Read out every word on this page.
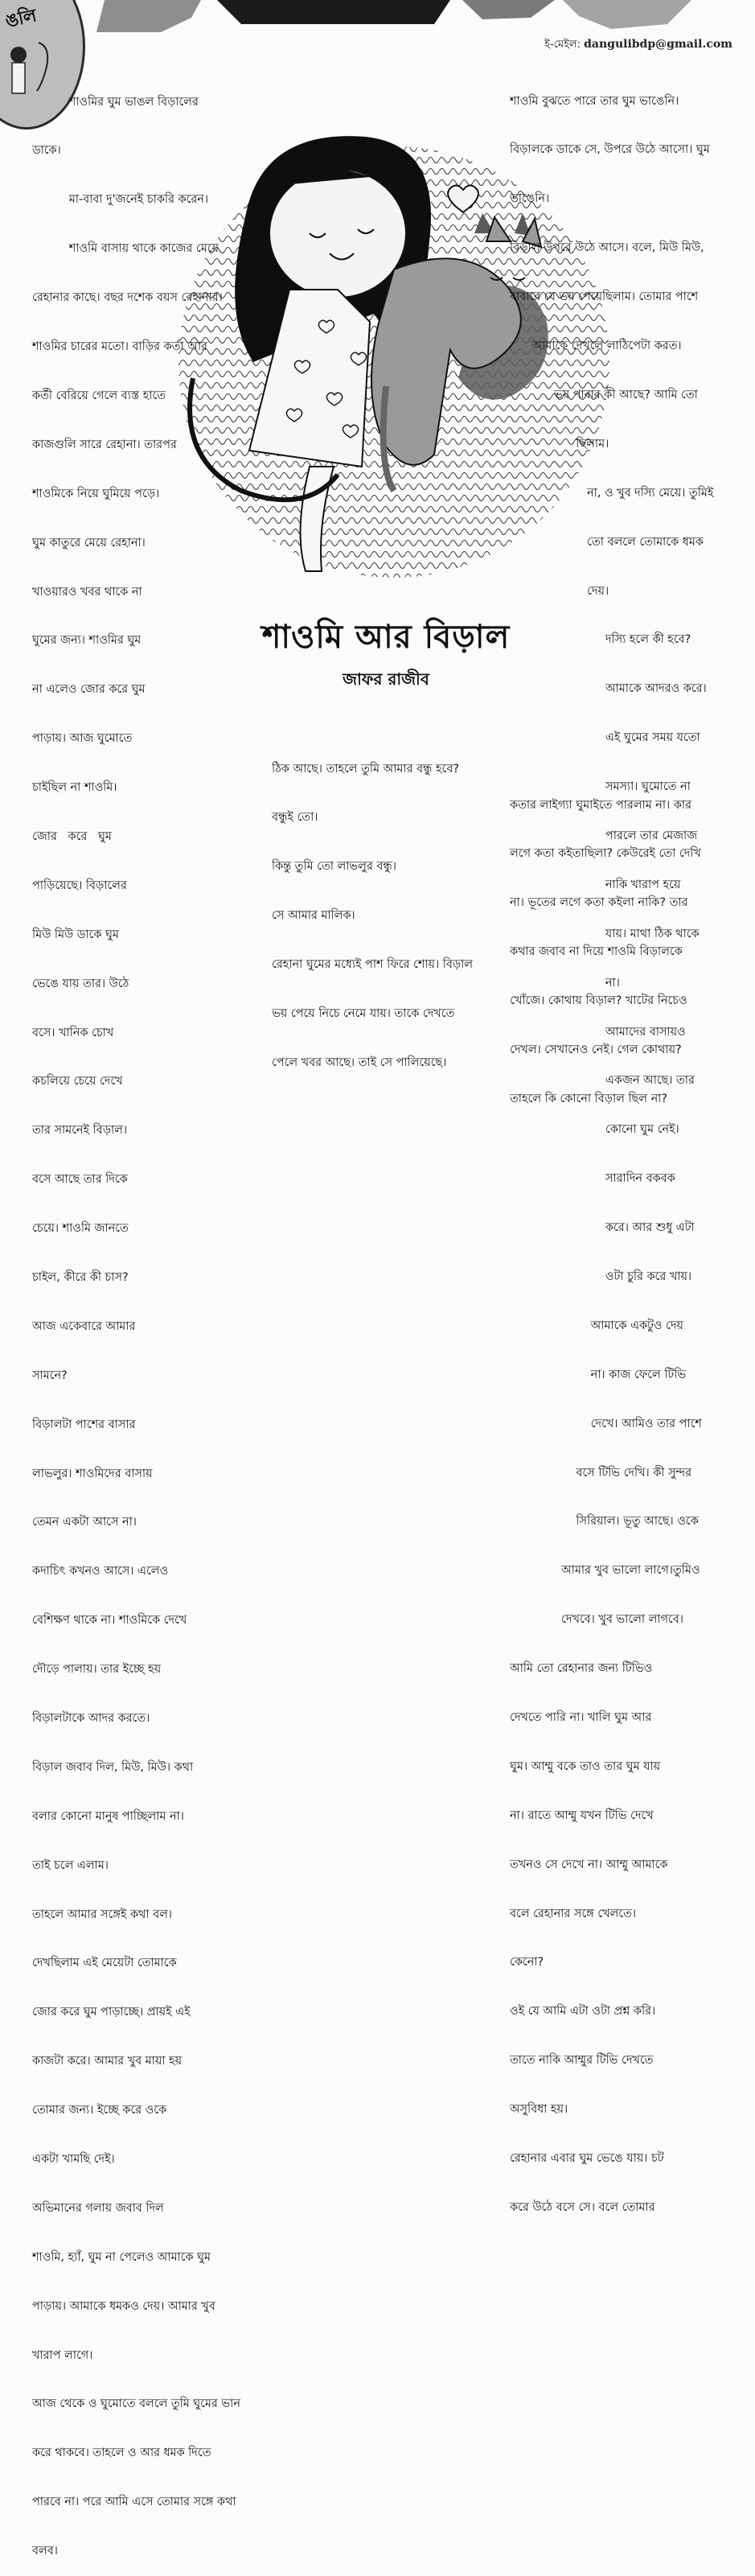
ঙলি
ই-মেইল: dangulibdp@gmail.com

শাওমির ঘুম ভাঙল বিড়ালের

ডাকে।

মা-বাবা দু'জনেই চাকরি করেন।

শাওমি বাসায় থাকে কাজের মেয়ে

রেহানার কাছে। বছর দশেক বয়স রেহানার।

শাওমির চারের মতো। বাড়ির কর্তা আর

কর্তী বেরিয়ে গেলে ব্যস্ত হাতে

কাজগুলি সারে রেহানা। তারপর

শাওমিকে নিয়ে ঘুমিয়ে পড়ে।

ঘুম কাতুরে মেয়ে রেহানা।

খাওয়ারও খবর থাকে না

ঘুমের জন্য। শাওমির ঘুম

না এলেও জোর করে ঘুম

পাড়ায়। আজ ঘুমোতে

চাইছিল না শাওমি।

জোর   করে   ঘুম

পাড়িয়েছে। বিড়ালের

মিউ মিউ ডাকে ঘুম

ভেঙে যায় তার। উঠে

বসে। খানিক চোখ

কচলিয়ে চেয়ে দেখে

তার সামনেই বিড়াল।

বসে আছে তার দিকে

চেয়ে। শাওমি জানতে

চাইল, কীরে কী চাস?

আজ একেবারে আমার

সামনে?

বিড়ালটা পাশের বাসার

লাভলুর। শাওমিদের বাসায়

তেমন একটা আসে না।

কদাচিৎ কখনও আসে। এলেও

বেশিক্ষণ থাকে না। শাওমিকে দেখে

দৌড়ে পালায়। তার ইচ্ছে হয়

বিড়ালটাকে আদর করতে।

বিড়াল জবাব দিল, মিউ, মিউ। কথা

বলার কোনো মানুষ পাচ্ছিলাম না।

তাই চলে এলাম।

তাহলে আমার সঙ্গেই কথা বল।

দেখছিলাম এই মেয়েটা তোমাকে

জোর করে ঘুম পাড়াচ্ছে। প্রায়ই এই

কাজটা করে। আমার খুব মায়া হয়

তোমার জন্য। ইচ্ছে করে ওকে

একটা খামছি দেই।

অভিমানের গলায় জবাব দিল

শাওমি, হ্যাঁ, ঘুম না পেলেও আমাকে ঘুম

পাড়ায়। আমাকে ধমকও দেয়। আমার খুব

খারাপ লাগে।

আজ থেকে ও ঘুমোতে বললে তুমি ঘুমের ভান

করে থাকবে। তাহলে ও আর ধমক দিতে

পারবে না। পরে আমি এসে তোমার সঙ্গে কথা

বলব।

শাওমি বুঝতে পারে তার ঘুম ভাঙেনি।

বিড়ালকে ডাকে সে, উপরে উঠে আসো। ঘুম

ভাঙেনি।

বিড়াল উপরে উঠে আসে। বলে, মিউ মিউ,

বাবারে যে ভয় পেয়েছিলাম। তোমার পাশে

আমাকে দেখলে লাঠিপেটা করত।

ভয় পাবার কী আছে? আমি তো

ছিলাম।

না, ও খুব দস্যি মেয়ে। তুমিই

তো বললে তোমাকে ধমক

দেয়।

দস্যি হলে কী হবে?

আমাকে আদরও করে।

এই ঘুমের সময় যতো

সমস্যা। ঘুমোতে না

পারলে তার মেজাজ

নাকি খারাপ হয়ে

যায়। মাথা ঠিক থাকে

না।

আমাদের বাসায়ও

একজন আছে। তার

কোনো ঘুম নেই।

সারাদিন বকবক

করে। আর শুধু এটা

ওটা চুরি করে খায়।

আমাকে একটুও দেয়

না। কাজ ফেলে টিভি

দেখে। আমিও তার পাশে

বসে টিভি দেখি। কী সুন্দর

সিরিয়াল। ভূতু আছে। ওকে

আমার খুব ভালো লাগে।তুমিও

দেখবে। খুব ভালো লাগবে।

আমি তো রেহানার জন্য টিভিও

দেখতে পারি না। খালি ঘুম আর

ঘুম। আম্মু বকে তাও তার ঘুম যায়

না। রাতে আম্মু যখন টিভি দেখে

তখনও সে দেখে না। আম্মু আমাকে

বলে রেহানার সঙ্গে খেলতে।

কেনো?

ওই যে আমি এটা ওটা প্রশ্ন করি।

তাতে নাকি আম্মুর টিভি দেখতে

অসুবিধা হয়।

রেহানার এবার ঘুম ভেঙে যায়। চট

করে উঠে বসে সে। বলে তোমার

শাওমি আর বিড়াল
জাফর রাজীব

ঠিক আছে। তাহলে তুমি আমার বন্ধু হবে?

বন্ধুই তো।

কিন্তু তুমি তো লাভলুর বন্ধু।

সে আমার মালিক।

রেহানা ঘুমের মধ্যেই পাশ ফিরে শোয়। বিড়াল

ভয় পেয়ে নিচে নেমে যায়। তাকে দেখতে

পেলে খবর আছে। তাই সে পালিয়েছে।

কতার লাইগ্যা ঘুমাইতে পারলাম না। কার

লগে কতা কইতাছিলা? কেউরেই তো দেখি

না। ভূতের লগে কতা কইলা নাকি? তার

কথার জবাব না দিয়ে শাওমি বিড়ালকে

খোঁজে। কোথায় বিড়াল? খাটের নিচেও

দেখল। সেখানেও নেই। গেল কোথায়?

তাহলে কি কোনো বিড়াল ছিল না?
